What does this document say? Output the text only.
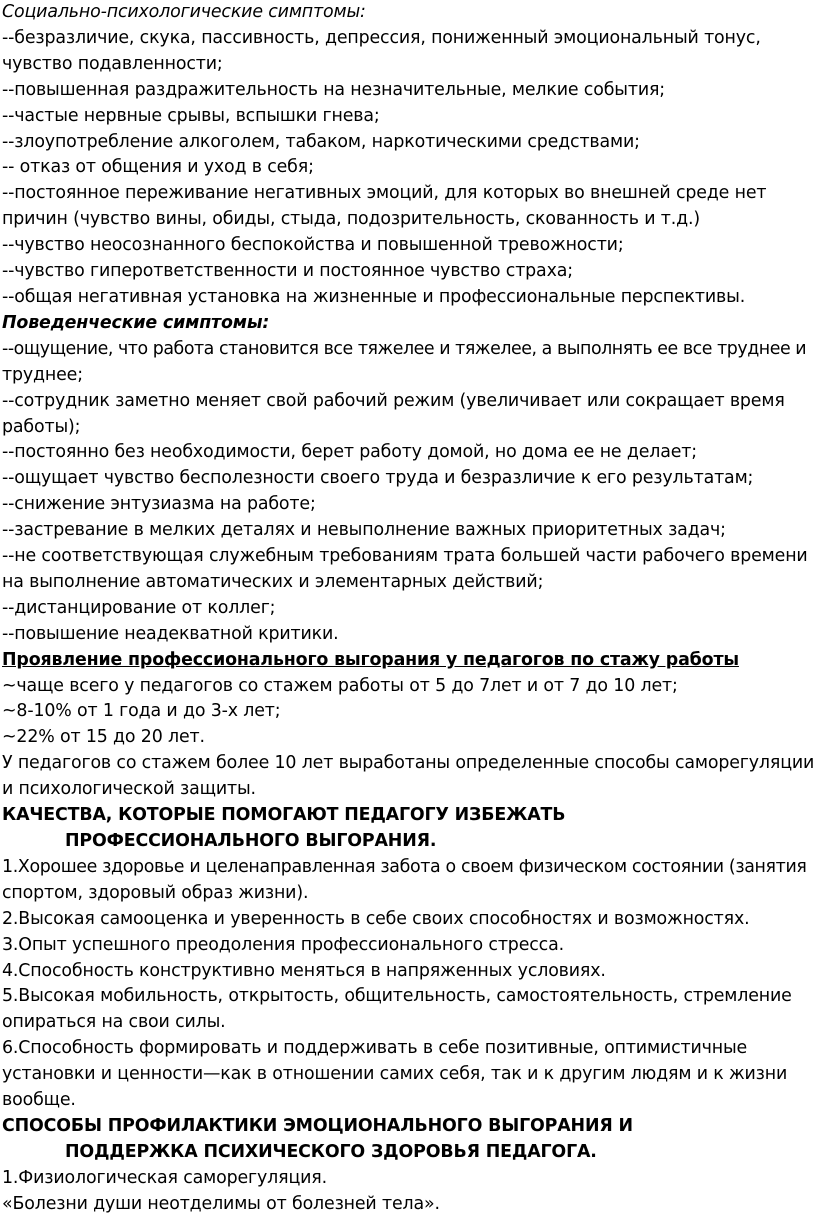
Социально-психологические симптомы:

--безразличие, скука, пассивность, депрессия, пониженный эмоциональный тонус,

чувство подавленности;

--повышенная раздражительность на незначительные, мелкие события;

--частые нервные срывы, вспышки гнева;

--злоупотребление алкоголем, табаком, наркотическими средствами;

-- отказ от общения и уход в себя;

--постоянное переживание негативных эмоций, для которых во внешней среде нет

причин (чувство вины, обиды, стыда, подозрительность, скованность и т.д.)

--чувство неосознанного беспокойства и повышенной тревожности;

--чувство гиперответственности и постоянное чувство страха;

--общая негативная установка на жизненные и профессиональные перспективы.

Поведенческие симптомы:

--ощущение, что работа становится все тяжелее и тяжелее, а выполнять ее все труднее и

труднее;

--сотрудник заметно меняет свой рабочий режим (увеличивает или сокращает время

работы);

--постоянно без необходимости, берет работу домой, но дома ее не делает;

--ощущает чувство бесполезности своего труда и безразличие к его результатам;

--снижение энтузиазма на работе;

--застревание в мелких деталях и невыполнение важных приоритетных задач;

--не соответствующая служебным требованиям трата большей части рабочего времени

на выполнение автоматических и элементарных действий;

--дистанцирование от коллег;

--повышение неадекватной критики.

Проявление профессионального выгорания у педагогов по стажу работы

~чаще всего у педагогов со стажем работы от 5 до 7лет и от 7 до 10 лет;

~8-10% от 1 года и до 3-х лет;

~22% от 15 до 20 лет.

У педагогов со стажем более 10 лет выработаны определенные способы саморегуляции

и психологической защиты.

КАЧЕСТВА, КОТОРЫЕ ПОМОГАЮТ ПЕДАГОГУ ИЗБЕЖАТЬ

ПРОФЕССИОНАЛЬНОГО ВЫГОРАНИЯ.

1.Хорошее здоровье и целенаправленная забота о своем физическом состоянии (занятия

спортом, здоровый образ жизни).

2.Высокая самооценка и уверенность в себе своих способностях и возможностях.

3.Опыт успешного преодоления профессионального стресса.

4.Способность конструктивно меняться в напряженных условиях.

5.Высокая мобильность, открытость, общительность, самостоятельность, стремление

опираться на свои силы.

6.Способность формировать и поддерживать в себе позитивные, оптимистичные

установки и ценности—как в отношении самих себя, так и к другим людям и к жизни

вообще.

СПОСОБЫ ПРОФИЛАКТИКИ ЭМОЦИОНАЛЬНОГО ВЫГОРАНИЯ И

ПОДДЕРЖКА ПСИХИЧЕСКОГО ЗДОРОВЬЯ ПЕДАГОГА.

1.Физиологическая саморегуляция.

«Болезни души неотделимы от болезней тела».
